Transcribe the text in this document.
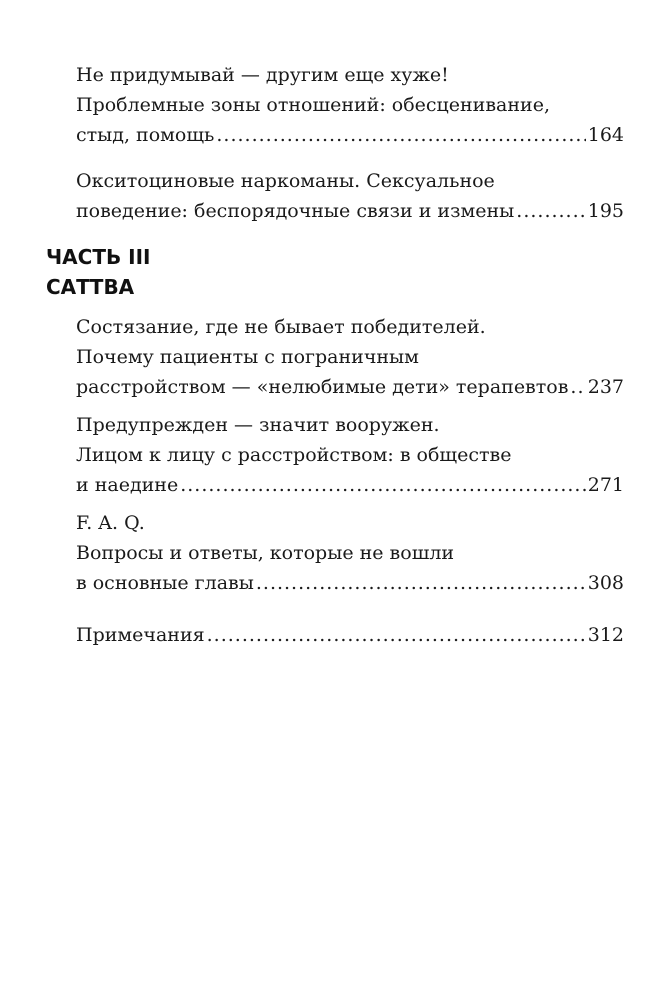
Не придумывай — другим еще хуже!
Проблемные зоны отношений: обесценивание,
стыд, помощь .....	164
Окситоциновые наркоманы. Сексуальное
поведение: беспорядочные связи и измены .....	195
ЧАСТЬ III
САТТВА
Состязание, где не бывает победителей.
Почему пациенты с пограничным
расстройством — «нелюбимые дети» терапевтов ..... 237
Предупрежден — значит вооружен.
Лицом к лицу с расстройством: в обществе
и наедине .....	271
F. A. Q.
Вопросы и ответы, которые не вошли
в основные главы .....	308
Примечания .....	312
